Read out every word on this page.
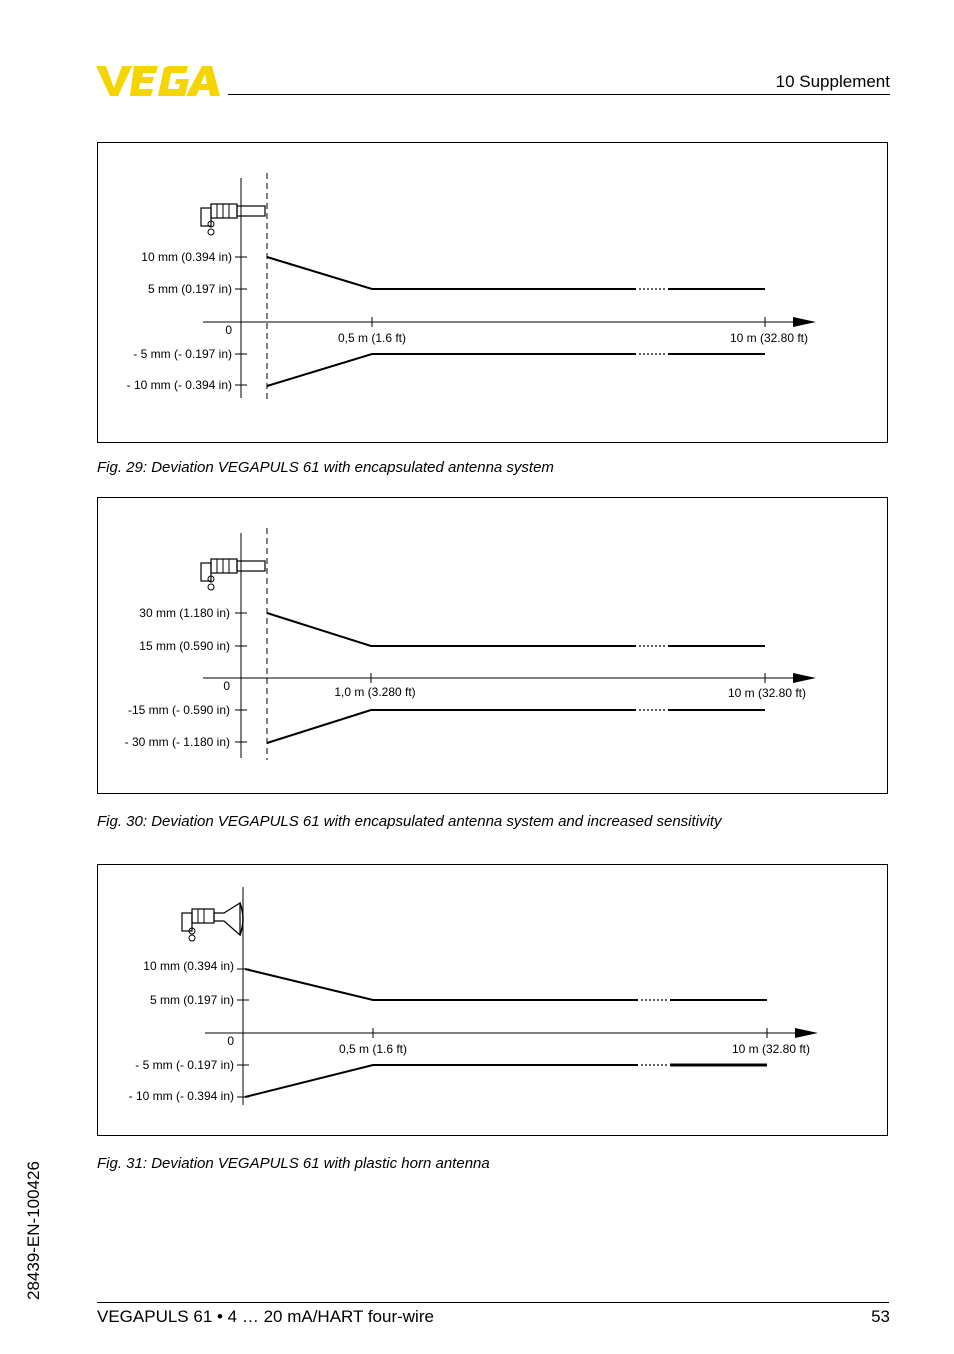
10 Supplement
10 mm (0.394 in)
5 mm (0.197 in)
0
- 5 mm (- 0.197 in)
- 10 mm (- 0.394 in)
0,5 m (1.6 ft)	10 m (32.80 ft)
Fig. 29: Deviation VEGAPULS 61 with encapsulated antenna system
30 mm (1.180 in)
15 mm (0.590 in)
0
-15 mm (- 0.590 in)
- 30 mm (- 1.180 in)
1,0 m (3.280 ft)	10 m (32.80 ft)
Fig. 30: Deviation VEGAPULS 61 with encapsulated antenna system and increased sensitivity
10 mm (0.394 in)
5 mm (0.197 in)
0
- 5 mm (- 0.197 in)
- 10 mm (- 0.394 in)
0,5 m (1.6 ft)	10 m (32.80 ft)
Fig. 31: Deviation VEGAPULS 61 with plastic horn antenna
28439-EN-100426
VEGAPULS 61 • 4 … 20 mA/HART four-wire	53
